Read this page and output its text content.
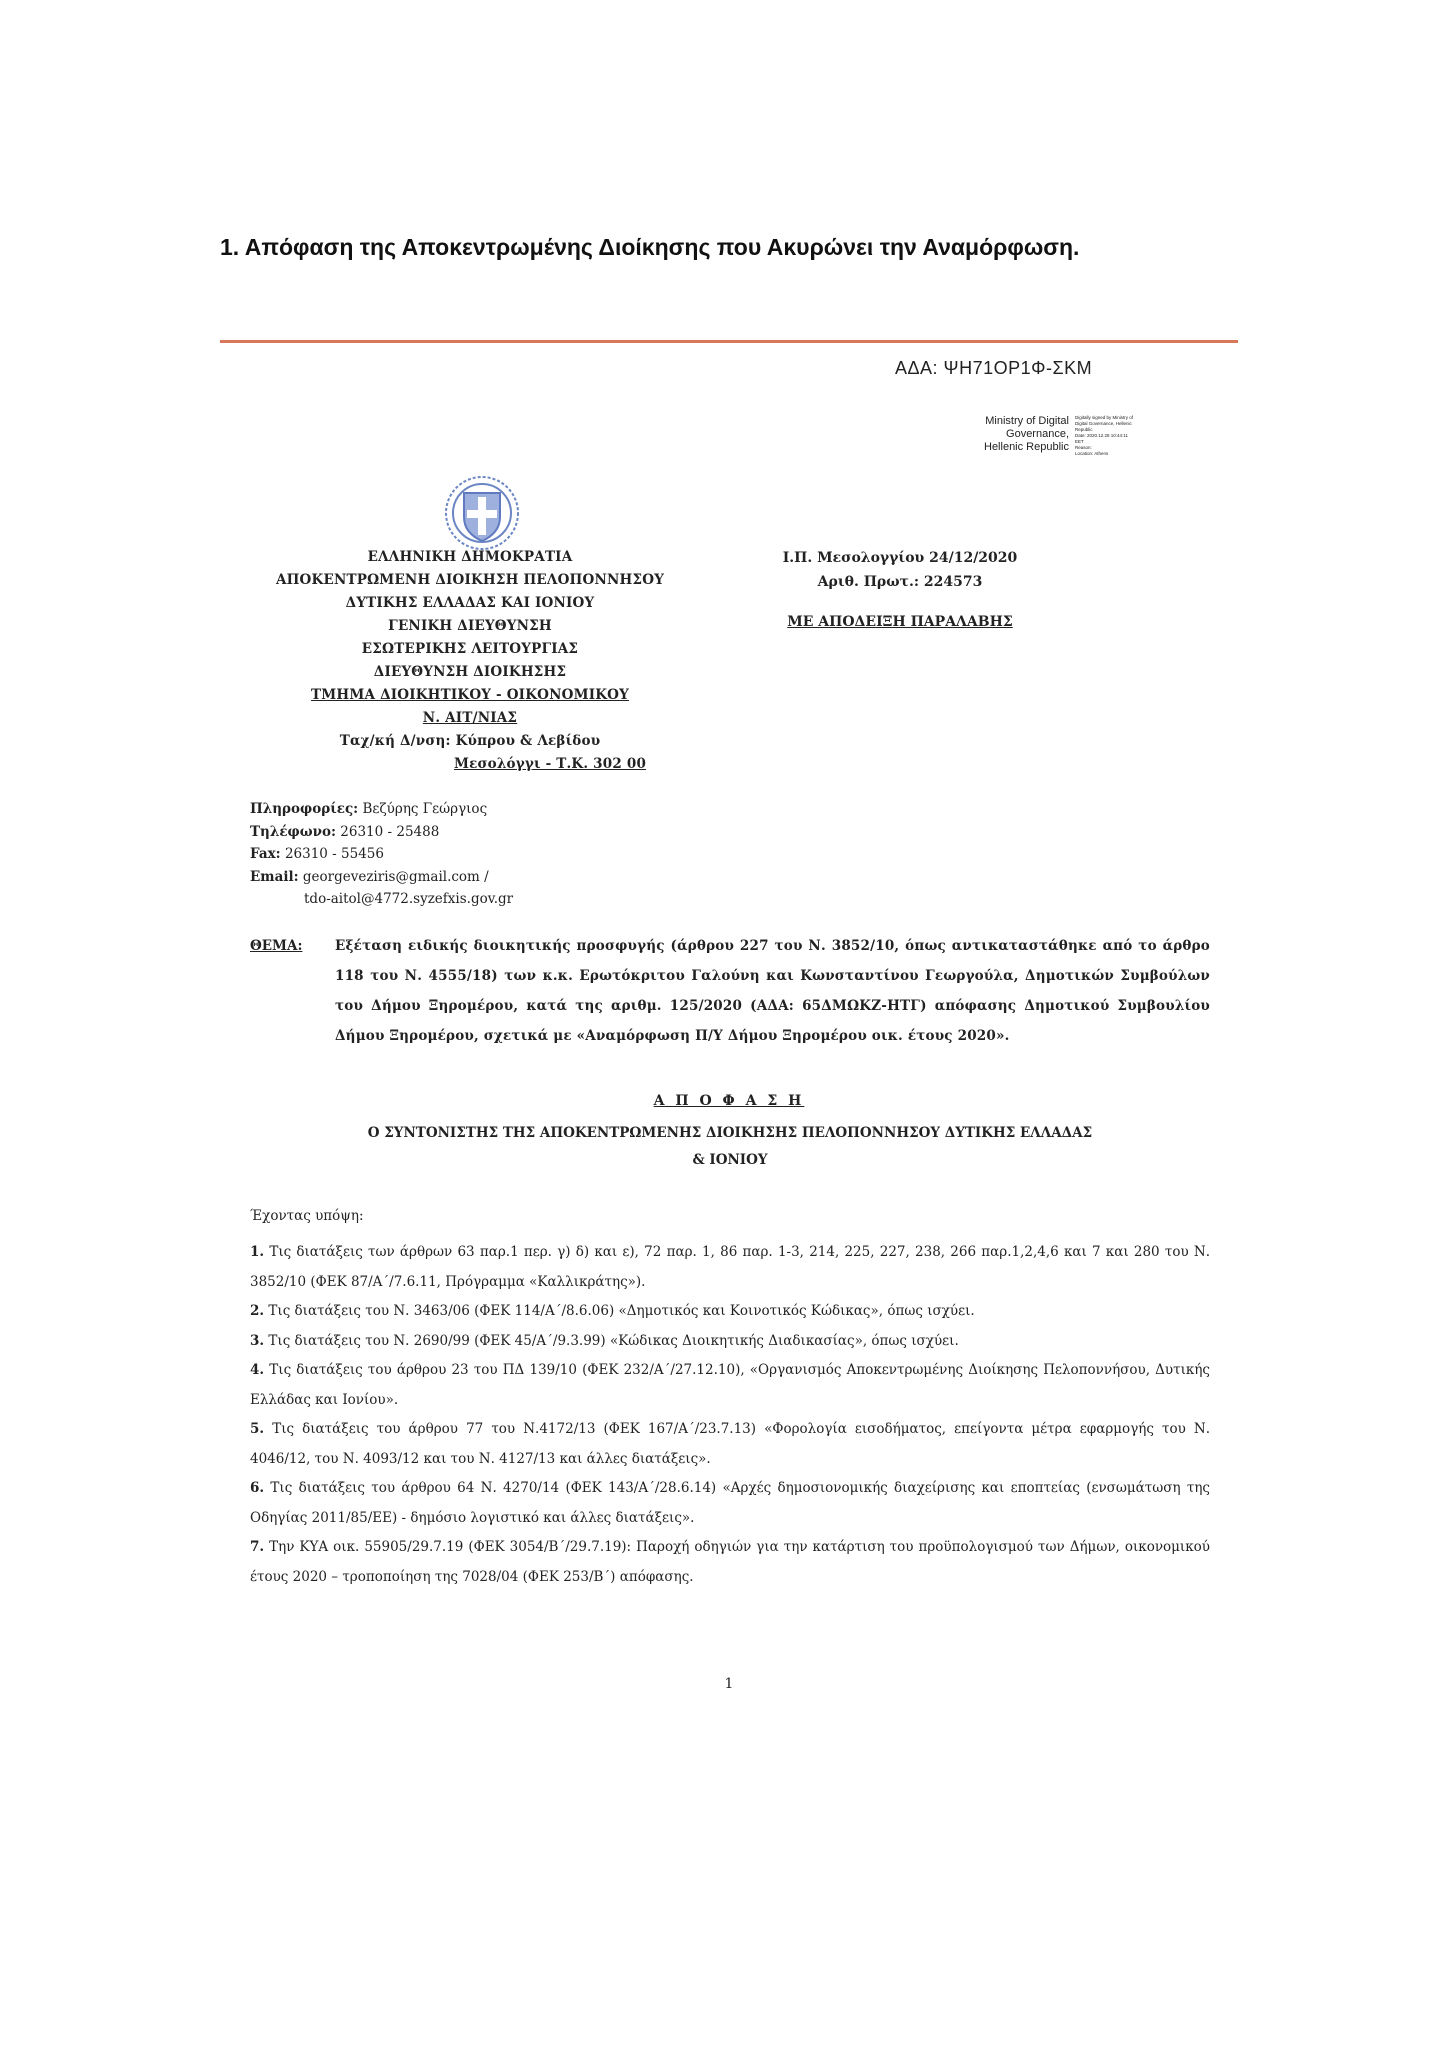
1. Απόφαση της Αποκεντρωμένης Διοίκησης που Ακυρώνει την Αναμόρφωση.
ΑΔΑ: ΨΗ71ΟΡ1Φ-ΣΚΜ
Ministry of Digital
Governance,
Hellenic Republic
Digitally signed by Ministry of
Digital Governance, Hellenic
Republic
Date: 2020.12.28 10:44:11
EET
Reason:
Location: Athens
ΕΛΛΗΝΙΚΗ ΔΗΜΟΚΡΑΤΙΑ
ΑΠΟΚΕΝΤΡΩΜΕΝΗ ΔΙΟΙΚΗΣΗ ΠΕΛΟΠΟΝΝΗΣΟΥ
ΔΥΤΙΚΗΣ ΕΛΛΑΔΑΣ ΚΑΙ ΙΟΝΙΟΥ
ΓΕΝΙΚΗ ΔΙΕΥΘΥΝΣΗ
ΕΣΩΤΕΡΙΚΗΣ ΛΕΙΤΟΥΡΓΙΑΣ
ΔΙΕΥΘΥΝΣΗ ΔΙΟΙΚΗΣΗΣ
ΤΜΗΜΑ ΔΙΟΙΚΗΤΙΚΟΥ - ΟΙΚΟΝΟΜΙΚΟΥ
Ν. ΑΙΤ/ΝΙΑΣ
Ταχ/κή Δ/νση: Κύπρου & Λεβίδου
Μεσολόγγι - Τ.Κ. 302 00
Ι.Π. Μεσολογγίου 24/12/2020
Αριθ. Πρωτ.: 224573
ΜΕ ΑΠΟΔΕΙΞΗ ΠΑΡΑΛΑΒΗΣ
Πληροφορίες: Βεζύρης Γεώργιος
Τηλέφωνο: 26310 - 25488
Fax: 26310 - 55456
Email: georgeveziris@gmail.com /
tdo-aitol@4772.syzefxis.gov.gr
ΘΕΜΑ:	Εξέταση ειδικής διοικητικής προσφυγής (άρθρου 227 του Ν. 3852/10, όπως αντικαταστάθηκε από το άρθρο 118 του Ν. 4555/18) των κ.κ. Ερωτόκριτου Γαλούνη και Κωνσταντίνου Γεωργούλα, Δημοτικών Συμβούλων του Δήμου Ξηρομέρου, κατά της αριθμ. 125/2020 (ΑΔΑ: 65ΔΜΩΚΖ-ΗΤΓ) απόφασης Δημοτικού Συμβουλίου Δήμου Ξηρομέρου, σχετικά με «Αναμόρφωση Π/Υ Δήμου Ξηρομέρου οικ. έτους 2020».
Α Π Ο Φ Α Σ Η
Ο ΣΥΝΤΟΝΙΣΤΗΣ ΤΗΣ ΑΠΟΚΕΝΤΡΩΜΕΝΗΣ ΔΙΟΙΚΗΣΗΣ ΠΕΛΟΠΟΝΝΗΣΟΥ ΔΥΤΙΚΗΣ ΕΛΛΑΔΑΣ
& ΙΟΝΙΟΥ
Έχοντας υπόψη:

1. Τις διατάξεις των άρθρων 63 παρ.1 περ. γ) δ) και ε), 72 παρ. 1, 86 παρ. 1-3, 214, 225, 227, 238, 266 παρ.1,2,4,6 και 7 και 280 του Ν. 3852/10 (ΦΕΚ 87/Α΄/7.6.11, Πρόγραμμα «Καλλικράτης»).

2. Τις διατάξεις του Ν. 3463/06 (ΦΕΚ 114/Α΄/8.6.06) «Δημοτικός και Κοινοτικός Κώδικας», όπως ισχύει.

3. Τις διατάξεις του Ν. 2690/99 (ΦΕΚ 45/Α΄/9.3.99) «Κώδικας Διοικητικής Διαδικασίας», όπως ισχύει.

4. Τις διατάξεις του άρθρου 23 του ΠΔ 139/10 (ΦΕΚ 232/Α΄/27.12.10), «Οργανισμός Αποκεντρωμένης Διοίκησης Πελοποννήσου, Δυτικής Ελλάδας και Ιονίου».

5. Τις διατάξεις του άρθρου 77 του Ν.4172/13 (ΦΕΚ 167/Α΄/23.7.13) «Φορολογία εισοδήματος, επείγοντα μέτρα εφαρμογής του Ν. 4046/12, του Ν. 4093/12 και του Ν. 4127/13 και άλλες διατάξεις».

6. Τις διατάξεις του άρθρου 64 Ν. 4270/14 (ΦΕΚ 143/Α΄/28.6.14) «Αρχές δημοσιονομικής διαχείρισης και εποπτείας (ενσωμάτωση της Οδηγίας 2011/85/ΕΕ) - δημόσιο λογιστικό και άλλες διατάξεις».

7. Την ΚΥΑ οικ. 55905/29.7.19 (ΦΕΚ 3054/Β΄/29.7.19): Παροχή οδηγιών για την κατάρτιση του προϋπολογισμού των Δήμων, οικονομικού έτους 2020 – τροποποίηση της 7028/04 (ΦΕΚ 253/Β΄) απόφασης.

1
